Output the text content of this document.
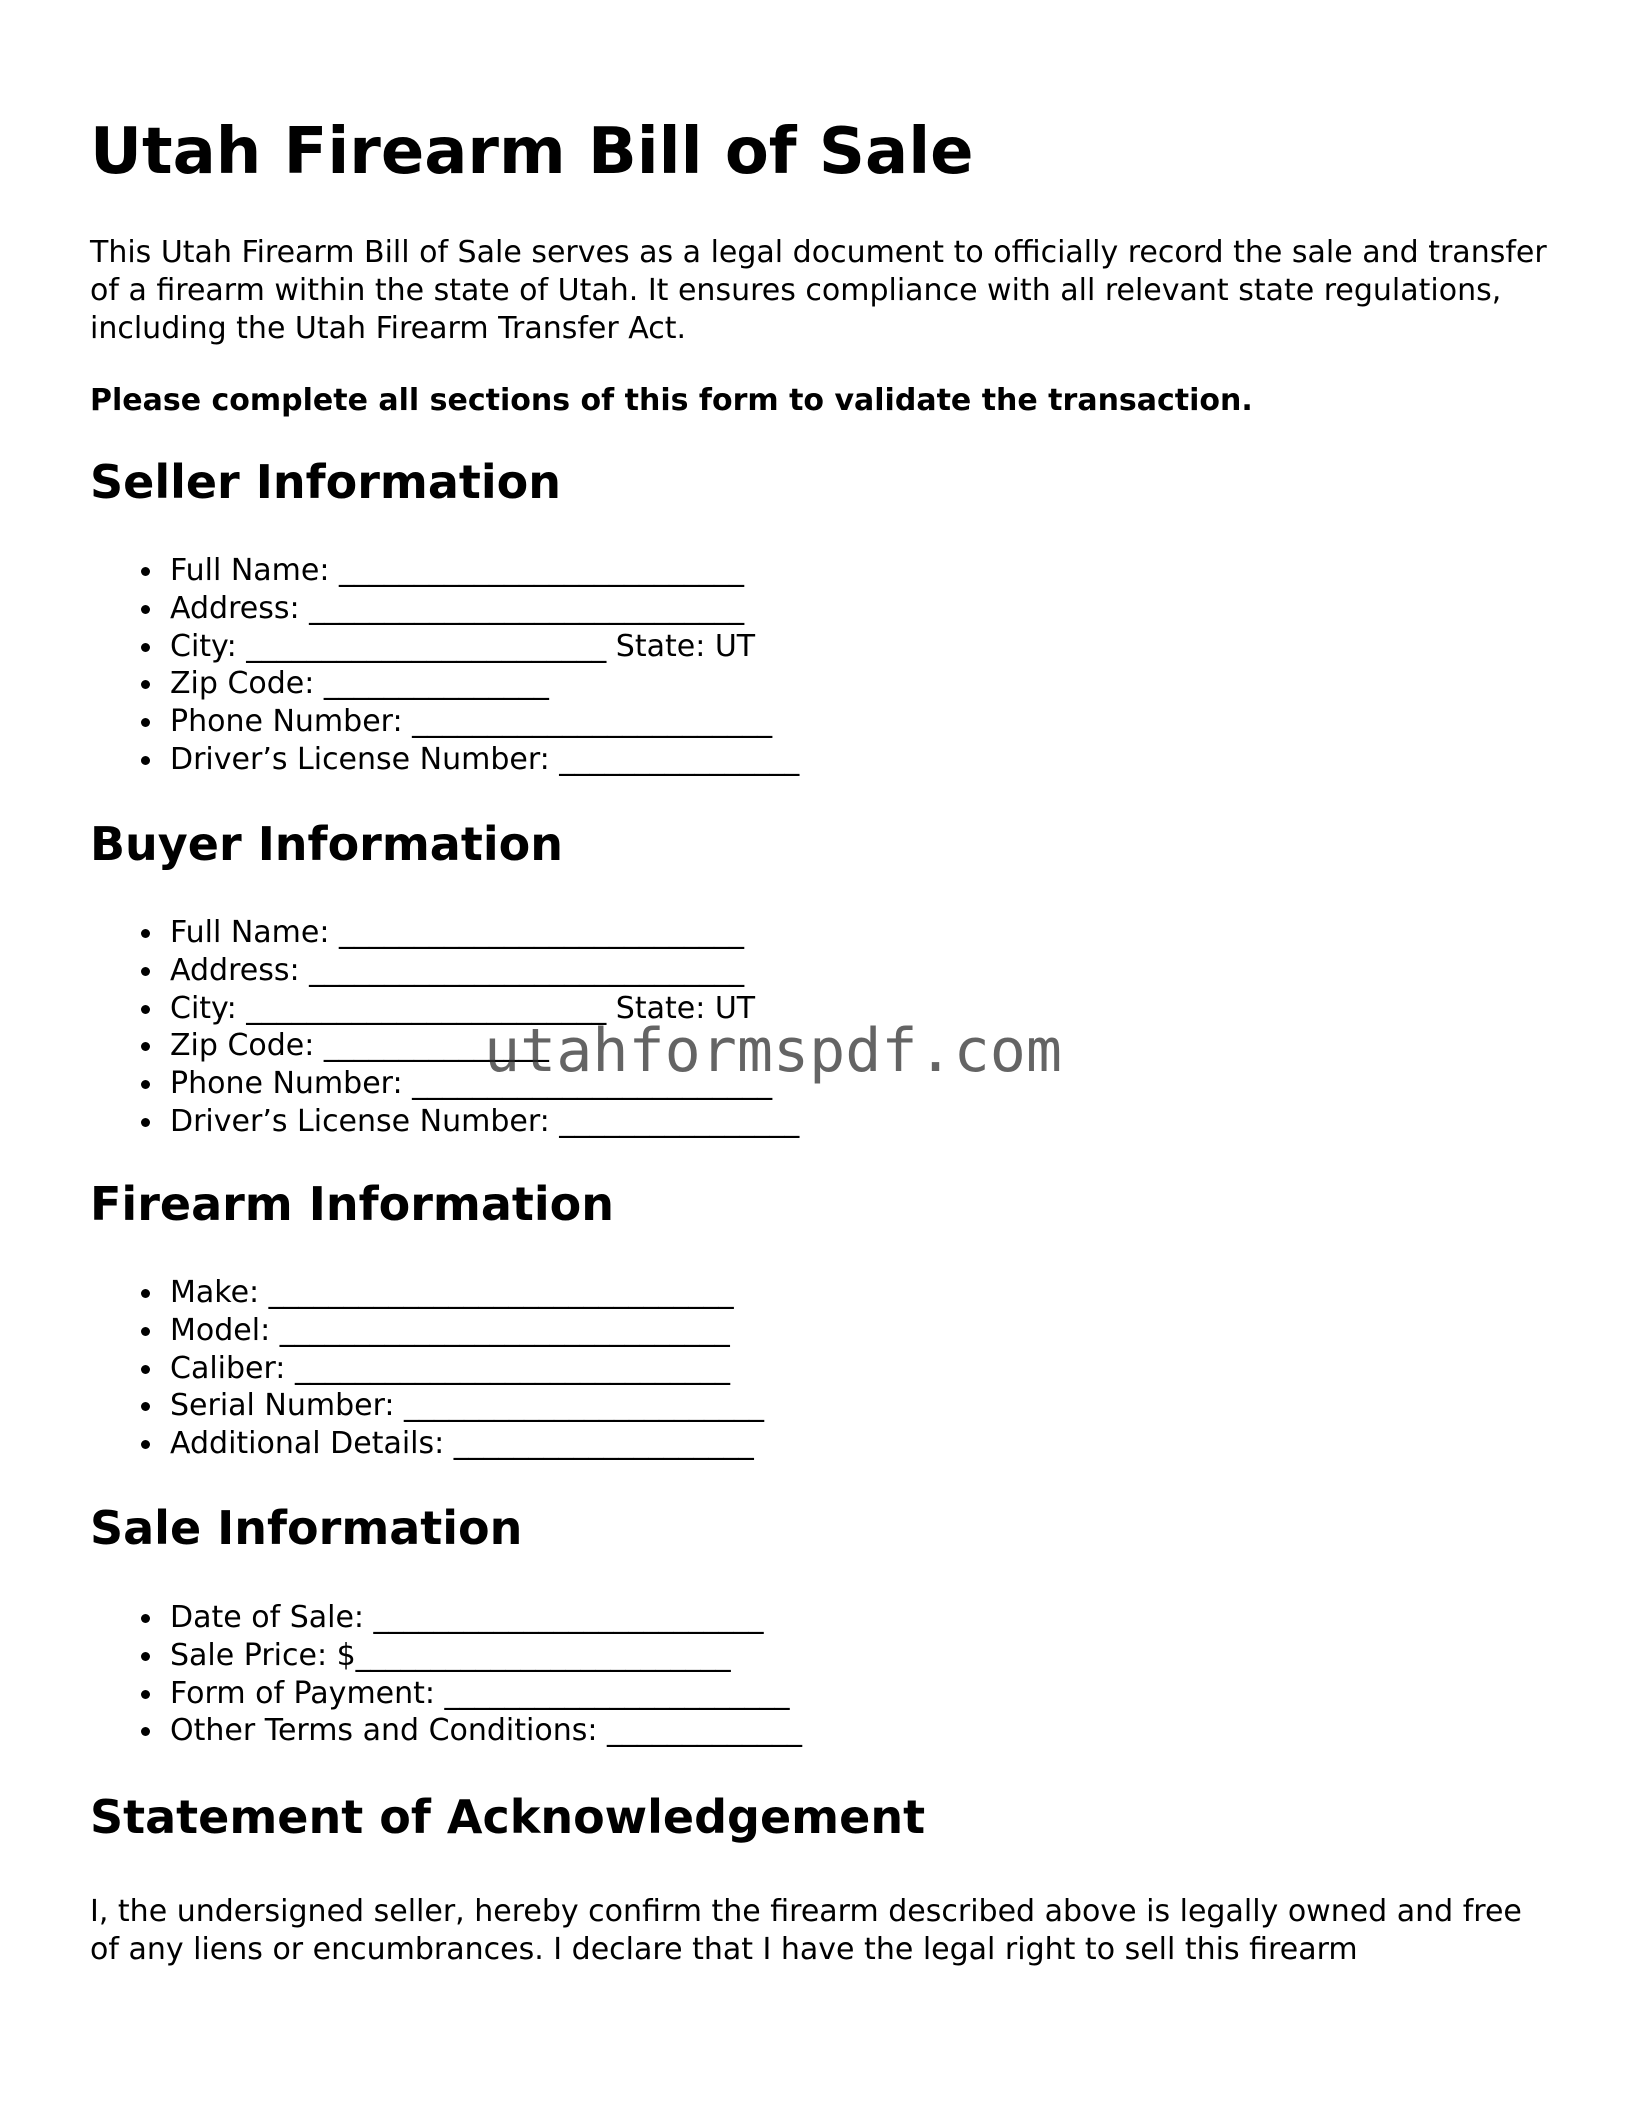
Utah Firearm Bill of Sale

This Utah Firearm Bill of Sale serves as a legal document to officially record the sale and transfer of a firearm within the state of Utah. It ensures compliance with all relevant state regulations, including the Utah Firearm Transfer Act.

Please complete all sections of this form to validate the transaction.

Seller Information
Full Name: ___________________________
Address: _____________________________
City: ________________________ State: UT
Zip Code: _______________
Phone Number: ________________________
Driver’s License Number: ________________
Buyer Information
Full Name: ___________________________
Address: _____________________________
City: ________________________ State: UT
Zip Code: _______________
Phone Number: ________________________
Driver’s License Number: ________________
Firearm Information
Make: _______________________________
Model: ______________________________
Caliber: _____________________________
Serial Number: ________________________
Additional Details: ____________________
Sale Information
Date of Sale: __________________________
Sale Price: $_________________________
Form of Payment: _______________________
Other Terms and Conditions: _____________
Statement of Acknowledgement

I, the undersigned seller, hereby confirm the firearm described above is legally owned and free of any liens or encumbrances. I declare that I have the legal right to sell this firearm

utahformspdf.com
